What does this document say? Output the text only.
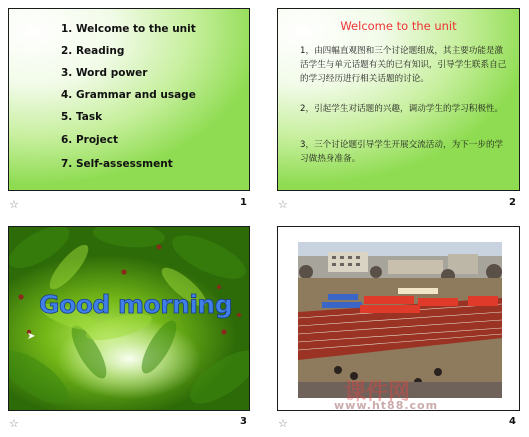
1. Welcome to the unit
2. Reading
3. Word power
4. Grammar and usage
5. Task
6. Project
7. Self-assessment
☆	1
Welcome to the unit
1，由四幅直观图和三个讨论题组成，其主要功能是激活学生与单元话题有关的已有知识，引导学生联系自己的学习经历进行相关话题的讨论。
2，引起学生对话题的兴趣，调动学生的学习积极性。
3，三个讨论题引导学生开展交流活动，为下一步的学习做热身准备。
☆	2
Good morning
➤
☆	3
课件网
www.ht88.com
☆	4
